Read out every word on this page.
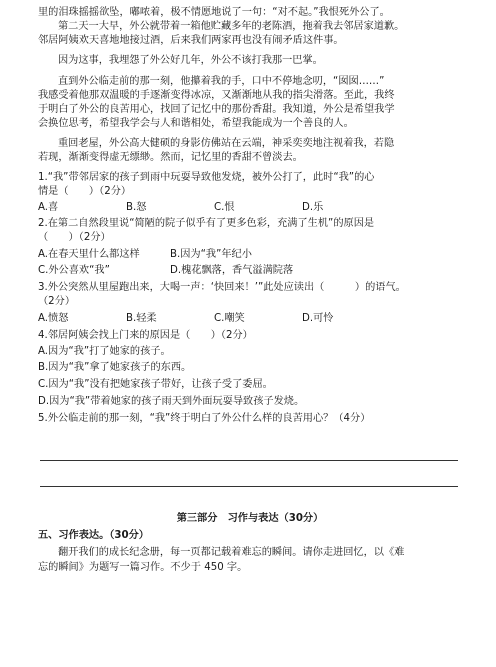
里的泪珠摇摇欲坠，嘟哝着，极不情愿地说了一句：“对不起。”我恨死外公了。
第二天一大早，外公就带着一箱他贮藏多年的老陈酒，拖着我去邻居家道歉。
邻居阿姨欢天喜地地接过酒，后来我们两家再也没有闹矛盾这件事。
因为这事，我埋怨了外公好几年，外公不该打我那一巴掌。
直到外公临走前的那一刻，他攥着我的手，口中不停地念叨，“囡囡……”
我感受着他那双温暖的手逐渐变得冰凉，又渐渐地从我的指尖滑落。至此，我终
于明白了外公的良苦用心，找回了记忆中的那份香甜。我知道，外公是希望我学
会换位思考，希望我学会与人和谐相处，希望我能成为一个善良的人。
重回老屋，外公高大健硕的身影仿佛站在云端，神采奕奕地注视着我，若隐
若现，渐渐变得虚无缥缈。然而，记忆里的香甜不曾淡去。
1.“我”带邻居家的孩子到雨中玩耍导致他发烧，被外公打了，此时“我”的心
情是（　　）（2分）
A.喜	B.怒	C.恨	D.乐
2.在第二自然段里说“简陋的院子似乎有了更多色彩，充满了生机”的原因是
（　　）（2分）
A.在春天里什么都这样	B.因为“我”年纪小
C.外公喜欢“我”	D.槐花飘落，香气溢满院落
3.外公突然从里屋跑出来，大喝一声：‘快回来！’”此处应读出（　　　）的语气。
（2分）
A.愤怒	B.轻柔	C.嘲笑	D.可怜
4.邻居阿姨会找上门来的原因是（　　）（2分）
A.因为“我”打了她家的孩子。
B.因为“我”拿了她家孩子的东西。
C.因为“我”没有把她家孩子带好，让孩子受了委屈。
D.因为“我”带着她家的孩子雨天到外面玩耍导致孩子发烧。
5.外公临走前的那一刻，“我”终于明白了外公什么样的良苦用心？（4分）
第三部分　习作与表达（30分）
五、习作表达。（30分）
翻开我们的成长纪念册，每一页都记载着难忘的瞬间。请你走进回忆，以《难
忘的瞬间》为题写一篇习作。不少于 450 字。
